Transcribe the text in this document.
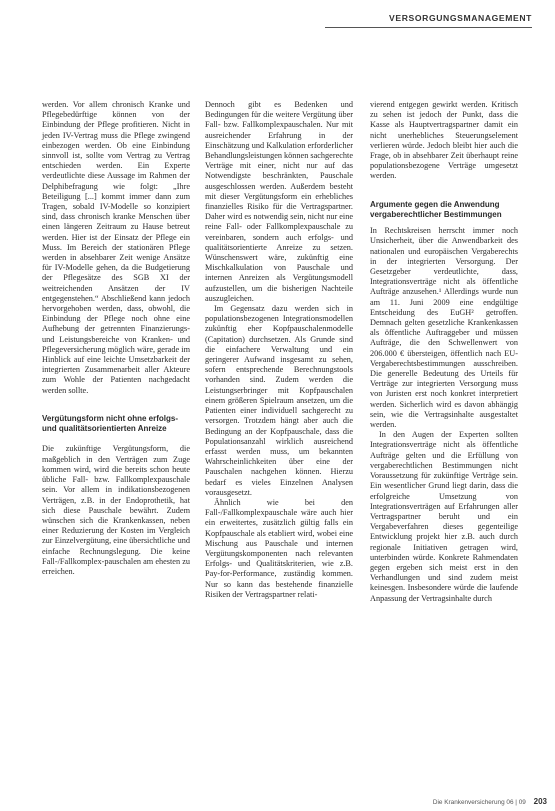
VERSORGUNGSMANAGEMENT

werden. Vor allem chronisch Kranke und Pflegebedürftige können von der Einbindung der Pflege profitieren. Nicht in jeden IV-Vertrag muss die Pflege zwingend einbezogen werden. Ob eine Einbindung sinnvoll ist, sollte vom Vertrag zu Vertrag entschieden werden. Ein Experte verdeutlichte diese Aussage im Rahmen der Delphibefragung wie folgt: „Ihre Beteiligung [...] kommt immer dann zum Tragen, sobald IV-Modelle so konzipiert sind, dass chronisch kranke Menschen über einen längeren Zeitraum zu Hause betreut werden. Hier ist der Einsatz der Pflege ein Muss. Im Bereich der stationären Pflege werden in absehbarer Zeit wenige Ansätze für IV-Modelle gehen, da die Budgetierung der Pflegesätze des SGB XI der weitreichenden Ansätzen der IV entgegenstehen.“ Abschließend kann jedoch hervorgehoben werden, dass, obwohl, die Einbindung der Pflege noch ohne eine Aufhebung der getrennten Finanzierungs- und Leistungsbereiche von Kranken- und Pflegeversicherung möglich wäre, gerade im Hinblick auf eine leichte Umsetzbarkeit der integrierten Zusammenarbeit aller Akteure zum Wohle der Patienten nachgedacht werden sollte.

Vergütungsform nicht ohne erfolgs- und qualitätsorientierten Anreize

Die zukünftige Vergütungsform, die maßgeblich in den Verträgen zum Zuge kommen wird, wird die bereits schon heute übliche Fall- bzw. Fallkomplexpauschale sein. Vor allem in indikationsbezogenen Verträgen, z.B. in der Endoprothetik, hat sich diese Pauschale bewährt. Zudem wünschen sich die Krankenkassen, neben einer Reduzierung der Kosten im Vergleich zur Einzelvergütung, eine übersichtliche und einfache Rechnungslegung. Die keine Fall-/Fallkomplex-pauschalen am ehesten zu erreichen.

Dennoch gibt es Bedenken und Bedingungen für die weitere Vergütung über Fall- bzw. Fallkomplexpauschalen. Nur mit ausreichender Erfahrung in der Einschätzung und Kalkulation erforderlicher Behandlungsleistungen können sachgerechte Verträge mit einer, nicht nur auf das Notwendigste beschränkten, Pauschale ausgeschlossen werden. Außerdem besteht mit dieser Vergütungsform ein erhebliches finanzielles Risiko für die Vertragspartner. Daher wird es notwendig sein, nicht nur eine reine Fall- oder Fallkomplexpauschale zu vereinbaren, sondern auch erfolgs- und qualitätsorientierte Anreize zu setzen. Wünschenswert wäre, zukünftig eine Mischkalkulation von Pauschale und internen Anreizen als Vergütungsmodell aufzustellen, um die bisherigen Nachteile auszugleichen.

Im Gegensatz dazu werden sich in populationsbezogenen Integrationsmodellen zukünftig eher Kopfpauschalenmodelle (Capitation) durchsetzen. Als Grunde sind die einfachere Verwaltung und ein geringerer Aufwand insgesamt zu sehen, sofern entsprechende Berechnungstools vorhanden sind. Zudem werden die Leistungserbringer mit Kopfpauschalen einem größeren Spielraum ansetzen, um die Patienten einer individuell sachgerecht zu versorgen. Trotzdem hängt aber auch die Bedingung an der Kopfpauschale, dass die Populationsanzahl wirklich ausreichend erfasst werden muss, um bekannten Wahrscheinlichkeiten über eine der Pauschalen nachgehen können. Hierzu bedarf es vieles Einzelnen Analysen vorausgesetzt.

Ähnlich wie bei den Fall-/Fallkomplexpauschale wäre auch hier ein erweitertes, zusätzlich gültig falls ein Kopfpauschale als etabliert wird, wobei eine Mischung aus Pauschale und internen Vergütungskomponenten nach relevanten Erfolgs- und Qualitätskriterien, wie z.B. Pay-for-Performance, zuständig kommen. Nur so kann das bestehende finanzielle Risiken der Vertragspartner relati-

vierend entgegen gewirkt werden. Kritisch zu sehen ist jedoch der Punkt, dass die Kasse als Hauptvertragspartner damit ein nicht unerhebliches Steuerungselement verlieren würde. Jedoch bleibt hier auch die Frage, ob in absehbarer Zeit überhaupt reine populationsbezogene Verträge umgesetzt werden.

Argumente gegen die Anwendung vergaberechtlicher Bestimmungen

In Rechtskreisen herrscht immer noch Unsicherheit, über die Anwendbarkeit des nationalen und europäischen Vergaberechts in der integrierten Versorgung. Der Gesetzgeber verdeutlichte, dass, Integrationsverträge nicht als öffentliche Aufträge anzusehen.¹ Allerdings wurde nun am 11. Juni 2009 eine endgültige Entscheidung des EuGH² getroffen. Demnach gelten gesetzliche Krankenkassen als öffentliche Auftraggeber und müssen Aufträge, die den Schwellenwert von 206.000 € übersteigen, öffentlich nach EU-Vergaberechtsbestimmungen ausschreiben. Die generelle Bedeutung des Urteils für Verträge zur integrierten Versorgung muss von Juristen erst noch konkret interpretiert werden. Sicherlich wird es davon abhängig sein, wie die Vertragsinhalte ausgestaltet werden.

In den Augen der Experten sollten Integrationsverträge nicht als öffentliche Aufträge gelten und die Erfüllung von vergaberechtlichen Bestimmungen nicht Voraussetzung für zukünftige Verträge sein. Ein wesentlicher Grund liegt darin, dass die erfolgreiche Umsetzung von Integrationsverträgen auf Erfahrungen aller Vertragspartner beruht und ein Vergabeverfahren dieses gegenteilige Entwicklung projekt hier z.B. auch durch regionale Initiativen getragen wird, unterbinden würde. Konkrete Rahmendaten gegen ergeben sich meist erst in den Verhandlungen und sind zudem meist keinesgen. Insbesondere würde die laufende Anpassung der Vertragsinhalte durch

Die Krankenversicherung 06 | 09 203
